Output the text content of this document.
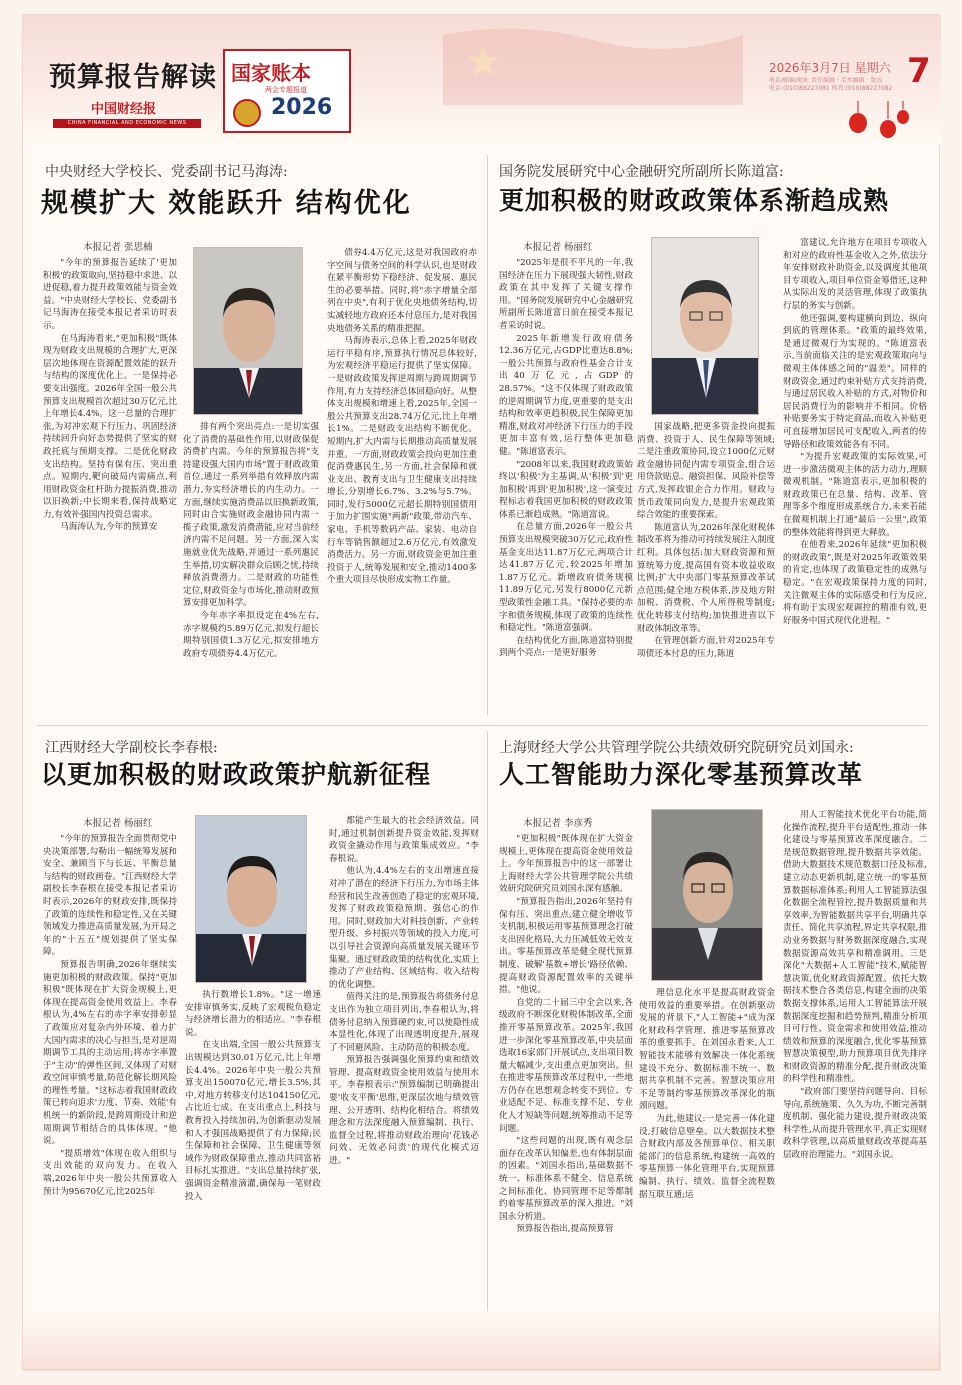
预算报告解读
中国财经报
CHINA FINANCIAL AND ECONOMIC NEWS
国家账本
2026
两会专题报道
2026年3月7日 星期六
电话/邮编/地址 责任编辑 · 美术编辑 · 版式
电话:(010)88227081 传真:(010)88227082 7
中央财经大学校长、党委副书记马海涛:
规模扩大 效能跃升 结构优化
本报记者 张思楠

"今年的预算报告延续了'更加积极'的政策取向,坚持稳中求进、以进促稳,着力提升政策效能与资金效益。"中央财经大学校长、党委副书记马海涛在接受本报记者采访时表示。

在马海涛看来,"更加积极"既体现为财政支出规模的合理扩大,更深层次地体现在资源配置效能的跃升与结构的深度优化上。一是保持必要支出强度。2026年全国一般公共预算支出规模首次超过30万亿元,比上年增长4.4%。这一总量的合理扩张,为对冲宏观下行压力、巩固经济持续回升向好态势提供了坚实的财政托底与预期支撑。二是优化财政支出结构。坚持有保有压、突出重点。短期内,靶向破局内需痛点,利用财政资金杠杆助力提振消费,推动以旧换新;中长期来看,保持战略定力,有效补强国内投资总需求。

马海涛认为,今年的预算安

排有两个突出亮点:一是切实强化了消费的基础性作用,以财政保促消费扩内需。今年的预算报告将"支持建设强大国内市场"置于财政政策首位,通过一系列举措有效释放内需潜力,夯实经济增长的内生动力。一方面,继续实施消费品以旧换新政策,同时由合实施财政金融协同内需一揽子政策,激发消费潜能,应对当前经济内需不足问题。另一方面,深入实施就业优先战略,并通过一系列惠民生举措,切实解决群众后顾之忧,持续释放消费潜力。二是财政的功能性定位,财政资金与市场化,推动财政预算安排更加科学。

今年赤字率拟设定在4%左右,赤字规模约5.89万亿元,拟发行超长期特别国债1.3万亿元,拟安排地方政府专项债券4.4万亿元。

债券4.4万亿元,这是对我国政府赤字空间与债务空间的科学认识,也是财政在紧平衡形势下稳经济、促发展、惠民生的必要举措。同时,将"赤字增量全部列在中央",有利于优化央地债务结构,切实减轻地方政府还本付息压力,是对我国央地债务关系的精准把握。

马海涛表示,总体上看,2025年财政运行平稳有序,预算执行情况总体较好,为宏观经济平稳运行提供了坚实保障。一是财政政策发挥逆周期与跨周期调节作用,有力支持经济总体回稳向好。从整体支出规模和增速上看,2025年,全国一般公共预算支出28.74万亿元,比上年增长1%。二是财政支出结构不断优化。短期内,扩大内需与长期推动高质量发展并重。一方面,财政政策会投向更加注重促消费惠民生,另一方面,社会保障和就业支出、教育支出与卫生健康支出持续增长,分别增长6.7%、3.2%与5.7%。同时,发行5000亿元超长期特别国债用于加力扩围实施"两新"政策,带动汽车、家电、手机等数码产品、家装、电动自行车等销售额超过2.6万亿元,有效激发消费活力。另一方面,财政资金更加注重投资于人,统筹发展和安全,推动1400多个重大项目尽快形成实物工作量。

国务院发展研究中心金融研究所副所长陈道富:
更加积极的财政政策体系渐趋成熟
本报记者 杨丽红

"2025年是很不平凡的一年,我国经济在压力下展现强大韧性,财政政策在其中发挥了关键支撑作用。"国务院发展研究中心金融研究所副所长陈道富日前在接受本报记者采访时说。

2025年新增发行政府债务12.36万亿元,占GDP比重达8.8%;一般公共预算与政府性基金合计支出40万亿元,占GDP的28.57%。"这不仅体现了财政政策的逆周期调节力度,更重要的是支出结构和效率更趋积极,民生保障更加精准,财政对冲经济下行压力的手段更加丰富有效,运行整体更加稳健。"陈道富表示。

"2008年以来,我国财政政策始终以'积极'为主基调,从'积极'到'更加积极'再到'更加积极',这一演变过程标志着我国更加积极的财政政策体系已渐趋成熟。"陈道富说。

在总量方面,2026年一般公共预算支出规模突破30万亿元,政府性基金支出达11.87万亿元,两项合计达41.87万亿元,较2025年增加1.87万亿元。新增政府债务规模11.89万亿元,另发行8000亿元新型政策性金融工具。"保持必要的赤字和债务规模,体现了政策的连续性和稳定性。"陈道富强调。

在结构优化方面,陈道富特别提到两个亮点:一是更好服务

国家战略,把更多资金投向提振消费、投资于人、民生保障等领域;二是注重政策协同,设立1000亿元财政金融协同促内需专项资金,组合运用贷款贴息、融资担保、风险补偿等方式,发挥政银企合力作用。财政与货币政策同向发力,是提升宏观政策综合效能的重要探索。

陈道富认为,2026年深化财税体制改革将为推动可持续发展注入制度红利。具体包括:加大财政资源和预算统筹力度,提高国有资本收益收取比例;扩大中央部门零基预算改革试点范围;健全地方税体系,涉及地方附加税、消费税、个人所得税等制度;优化转移支付结构;加快推进省以下财政体制改革等。

在管理创新方面,针对2025年专项债还本付息的压力,陈道

富建议,允许地方在项目专项收入和对应的政府性基金收入之外,依法分年安排财政补助资金,以及调度其他项目专项收入,项目单位资金筹借还,这种从实际出发的灵活管理,体现了政策执行层的务实与创新。

他还强调,要构建横向到边、纵向到底的管理体系。"政策的最终效果,是通过微观行为实现的。"陈道富表示,当前面临关注的是宏观政策取向与微观主体体感之间的"温差"。同样的财政资金,通过约束补贴方式支持消费,与通过居民收入补贴的方式,对物价和居民消费行为的影响并不相同。价格补贴要务实于特定商品,而收入补贴更可直接增加居民可支配收入,两者的传导路径和政策效能各有不同。

"为提升宏观政策的实际效果,可进一步激活微观主体的活力动力,理顺微观机制。"陈道富表示,更加积极的财政政策已在总量、结构、改革、管理等多个维度形成系统合力,未来若能在微观机制上打通"最后一公里",政策的整体效能将得到更大释放。

在他看来,2026年延续"更加积极的财政政策",既是对2025年政策效果的肯定,也体现了政策稳定性的成熟与稳定。"在宏观政策保持力度的同时,关注微观主体的实际感受和行为反应,将有助于实现宏观调控的精准有效,更好服务中国式现代化进程。"

江西财经大学副校长李春根:
以更加积极的财政政策护航新征程
本报记者 杨丽红

"今年的预算报告全面贯彻党中央决策部署,勾勒出一幅统筹发展和安全、兼顾当下与长远、平衡总量与结构的财政画卷。"江西财经大学副校长李春根在接受本报记者采访时表示,2026年的财政安排,既保持了政策的连续性和稳定性,又在关键领域发力推进高质量发展,为开局之年的"十五五"规划提供了坚实保障。

预算报告明确,2026年继续实施更加积极的财政政策。保持"更加积极"既体现在扩大资金规模上,更体现在提高资金使用效益上。李春根认为,4%左右的赤字率安排彰显了政策应对复杂内外环境、着力扩大国内需求的决心与担当,是对逆周期调节工具的主动运用;将赤字率置于"主动"的弹性区间,又体现了对财政空间审慎考量,防范化解长期风险的理性考量。"这标志着我国财政政策已转向追求'力度、节奏、效能'有机统一的新阶段,是跨周期设计和逆周期调节相结合的具体体现。"他说。

"提质增效"体现在收入组织与支出效能的双向发力。在收入端,2026年中央一般公共预算收入预计为95670亿元,比2025年

执行数增长1.8%。"这一增速安排审慎务实,反映了宏观税负稳定与经济增长潜力的相适应。"李春根说。

在支出端,全国一般公共预算支出规模达到30.01万亿元,比上年增长4.4%。2026年中央一般公共预算支出150070亿元,增长3.5%,其中,对地方转移支付达104150亿元,占比近七成。在支出重点上,科技与教育投入持续加码,为创新驱动发展和人才强国战略提供了有力保障;民生保障和社会保障、卫生健康等领域作为财政保障重点,推动共同富裕目标扎实推进。"支出总量持续扩张,强调资金精准滴灌,确保每一笔财政投入

都能产生最大的社会经济效益。同时,通过机制创新提升资金效能,发挥财政资金撬动作用与政策集成效应。"李春根说。

他认为,4.4%左右的支出增速直接对冲了潜在的经济下行压力,为市场主体经营和民生改善创造了稳定的宏观环境,发挥了财政政策稳预期、强信心的作用。同时,财政加大对科技创新、产业转型升级、乡村振兴等领域的投入力度,可以引导社会资源向高质量发展关键环节集聚。通过财政政策的结构优化,实质上推动了产业结构、区域结构、收入结构的优化调整。

值得关注的是,预算报告将债务付息支出作为独立项目列出,李春根认为,将债务付息纳入预算硬约束,可以使隐性成本显性化,体现了出现透明度提升,展现了不回避风险、主动防范的积极态度。

预算报告强调强化预算约束和绩效管理、提高财政资金使用效益与使用水平。李春根表示:"预算编制已明确提出要'收支平衡'思维,更深层次地与绩效管理、公开透明、结构化相结合。将绩效理念和方法深度融入预算编制、执行、监督全过程,将推动财政治理向'花钱必问效、无效必问责'的现代化模式迈进。"

上海财经大学公共管理学院公共绩效研究院研究员刘国永:
人工智能助力深化零基预算改革
本报记者 李彦秀

"更加积极"既体现在扩大资金规模上,更体现在提高资金使用效益上。今年预算报告中的这一部署让上海财经大学公共管理学院公共绩效研究院研究员刘国永深有感触。

"预算报告指出,2026年坚持有保有压、突出重点,建立健全增收节支机制,积极运用零基预算理念打破支出固化格局,大力压减低效无效支出。零基预算改革是健全现代预算制度、破解'基数+增长'路径依赖、提高财政资源配置效率的关键举措。"他说。

自党的二十届三中全会以来,各级政府不断深化财税体制改革,全面推开零基预算改革。2025年,我国进一步深化零基预算改革,中央层面选取16家部门开展试点,支出项目数量大幅减少,支出重点更加突出。但在推进零基预算改革过程中,一些地方仍存在思想观念转变不到位、专业适配不足、标准支撑不足、专业化人才短缺等问题,统筹推动不足等问题。

"这些问题的出现,既有观念层面存在改革认知偏差,也有体制层面的因素。"刘国永指出,基础数据不统一、标准体系不健全、信息系统之间标准化、协同管理不足等都制约着零基预算改革的深入推进。"刘国永分析道。

预算报告指出,提高预算管

理信息化水平是提高财政资金使用效益的重要举措。在创新驱动发展的背景下,"人工智能+"成为深化财政科学管理、推进零基预算改革的重要抓手。在刘国永看来,人工智能技术能够有效解决一体化系统建设不充分、数据标准不统一、数据共享机制不完善、智慧决策应用不足等制约零基预算改革深化的瓶颈问题。

为此,他建议:一是完善一体化建设,打破信息壁垒。以大数据技术整合财政内部及各预算单位、相关职能部门的信息系统,构建统一高效的零基预算一体化管理平台,实现预算编制、执行、绩效、监督全流程数据互联互通;运

用人工智能技术优化平台功能,简化操作流程,提升平台适配性,推动一体化建设与零基预算改革深度融合。二是规范数据管理,提升数据共享效能。借助大数据技术规范数据口径及标准,建立动态更新机制,建立统一的零基预算数据标准体系;利用人工智能算法强化数据全流程管控,提升数据质量和共享效率,为智能数据共享平台,明确共享责任、简化共享流程,界定共享权限,推动业务数据与财务数据深度融合,实现数据资源高效共享和精准调用。三是深化"大数据+人工智能"技术,赋能智慧决策,优化财政资源配置。依托大数据技术整合各类信息,构建全面的决策数据支撑体系,运用人工智能算法开展数据深度挖掘和趋势预判,精准分析项目可行性、资金需求和使用效益,推动绩效和预算的深度融合,优化零基预算智慧决策模型,助力预算项目优先排序和财政资源的精准分配,提升财政决策的科学性和精准性。

"政府部门要坚持问题导向、目标导向,系统施策、久久为功,不断完善制度机制、强化能力建设,提升财政决策科学性,从而提升管理水平,真正实现财政科学管理,以高质量财政改革提高基层政府治理能力。"刘国永说。
